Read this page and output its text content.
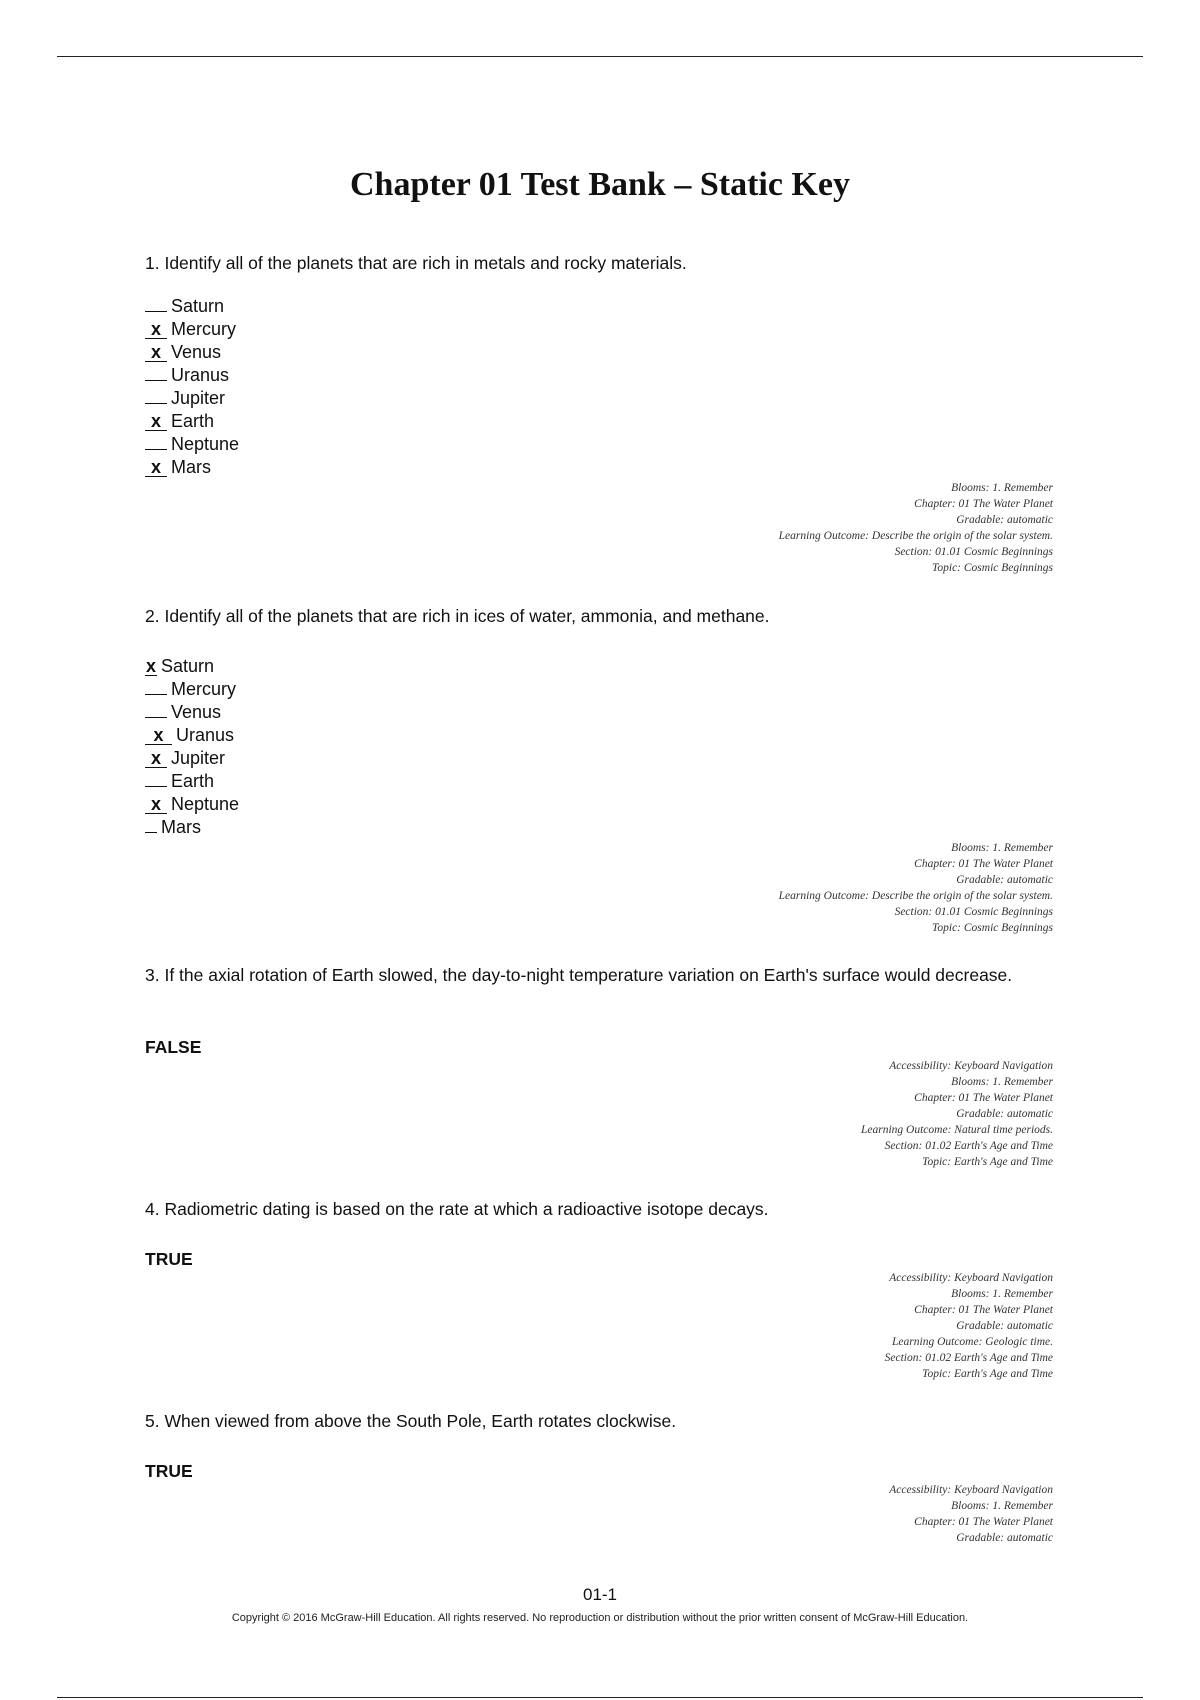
Chapter 01 Test Bank – Static Key
1. Identify all of the planets that are rich in metals and rocky materials.
Saturn
x Mercury
x Venus
Uranus
Jupiter
x Earth
Neptune
x Mars
Blooms: 1. Remember
Chapter: 01 The Water Planet
Gradable: automatic
Learning Outcome: Describe the origin of the solar system.
Section: 01.01 Cosmic Beginnings
Topic: Cosmic Beginnings
2. Identify all of the planets that are rich in ices of water, ammonia, and methane.
x Saturn
Mercury
Venus
x Uranus
x Jupiter
Earth
x Neptune
Mars
Blooms: 1. Remember
Chapter: 01 The Water Planet
Gradable: automatic
Learning Outcome: Describe the origin of the solar system.
Section: 01.01 Cosmic Beginnings
Topic: Cosmic Beginnings
3. If the axial rotation of Earth slowed, the day-to-night temperature variation on Earth's surface would decrease.
FALSE
Accessibility: Keyboard Navigation
Blooms: 1. Remember
Chapter: 01 The Water Planet
Gradable: automatic
Learning Outcome: Natural time periods.
Section: 01.02 Earth's Age and Time
Topic: Earth's Age and Time
4. Radiometric dating is based on the rate at which a radioactive isotope decays.
TRUE
Accessibility: Keyboard Navigation
Blooms: 1. Remember
Chapter: 01 The Water Planet
Gradable: automatic
Learning Outcome: Geologic time.
Section: 01.02 Earth's Age and Time
Topic: Earth's Age and Time
5. When viewed from above the South Pole, Earth rotates clockwise.
TRUE
Accessibility: Keyboard Navigation
Blooms: 1. Remember
Chapter: 01 The Water Planet
Gradable: automatic
01-1
Copyright © 2016 McGraw-Hill Education. All rights reserved. No reproduction or distribution without the prior written consent of McGraw-Hill Education.
